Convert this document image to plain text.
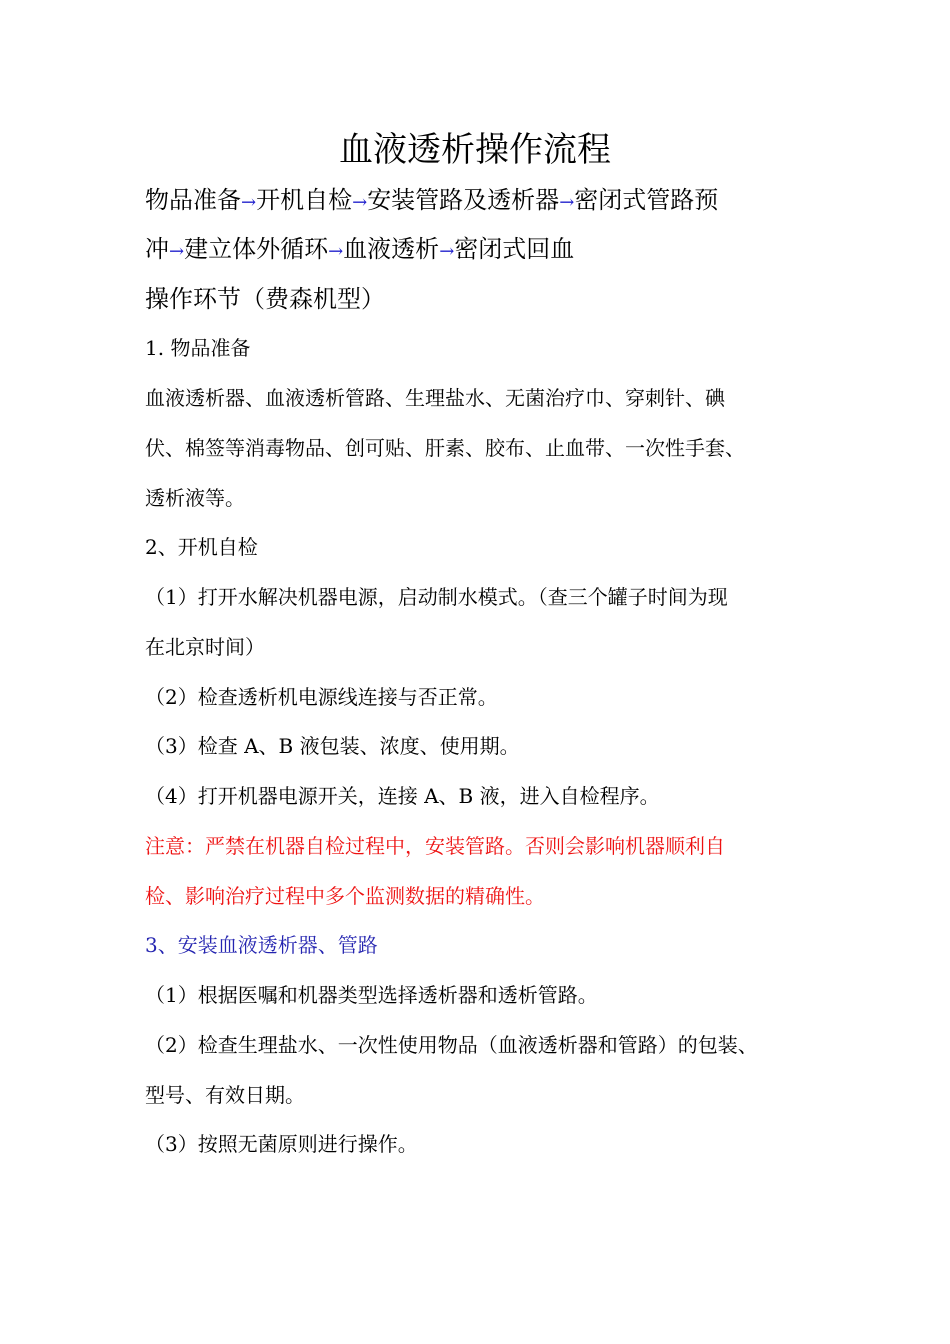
血液透析操作流程
物品准备→开机自检→安装管路及透析器→密闭式管路预
冲→建立体外循环→血液透析→密闭式回血
操作环节（费森机型）
1. 物品准备
血液透析器、血液透析管路、生理盐水、无菌治疗巾、穿刺针、碘
伏、棉签等消毒物品、创可贴、肝素、胶布、止血带、一次性手套、
透析液等。
2、开机自检
（1）打开水解决机器电源，启动制水模式。（查三个罐子时间为现
在北京时间）
（2）检查透析机电源线连接与否正常。
（3）检查 A、B 液包装、浓度、使用期。
（4）打开机器电源开关，连接 A、B 液，进入自检程序。
注意：严禁在机器自检过程中，安装管路。否则会影响机器顺利自
检、影响治疗过程中多个监测数据的精确性。
3、安装血液透析器、管路
（1）根据医嘱和机器类型选择透析器和透析管路。
（2）检查生理盐水、一次性使用物品（血液透析器和管路）的包装、
型号、有效日期。
（3）按照无菌原则进行操作。
